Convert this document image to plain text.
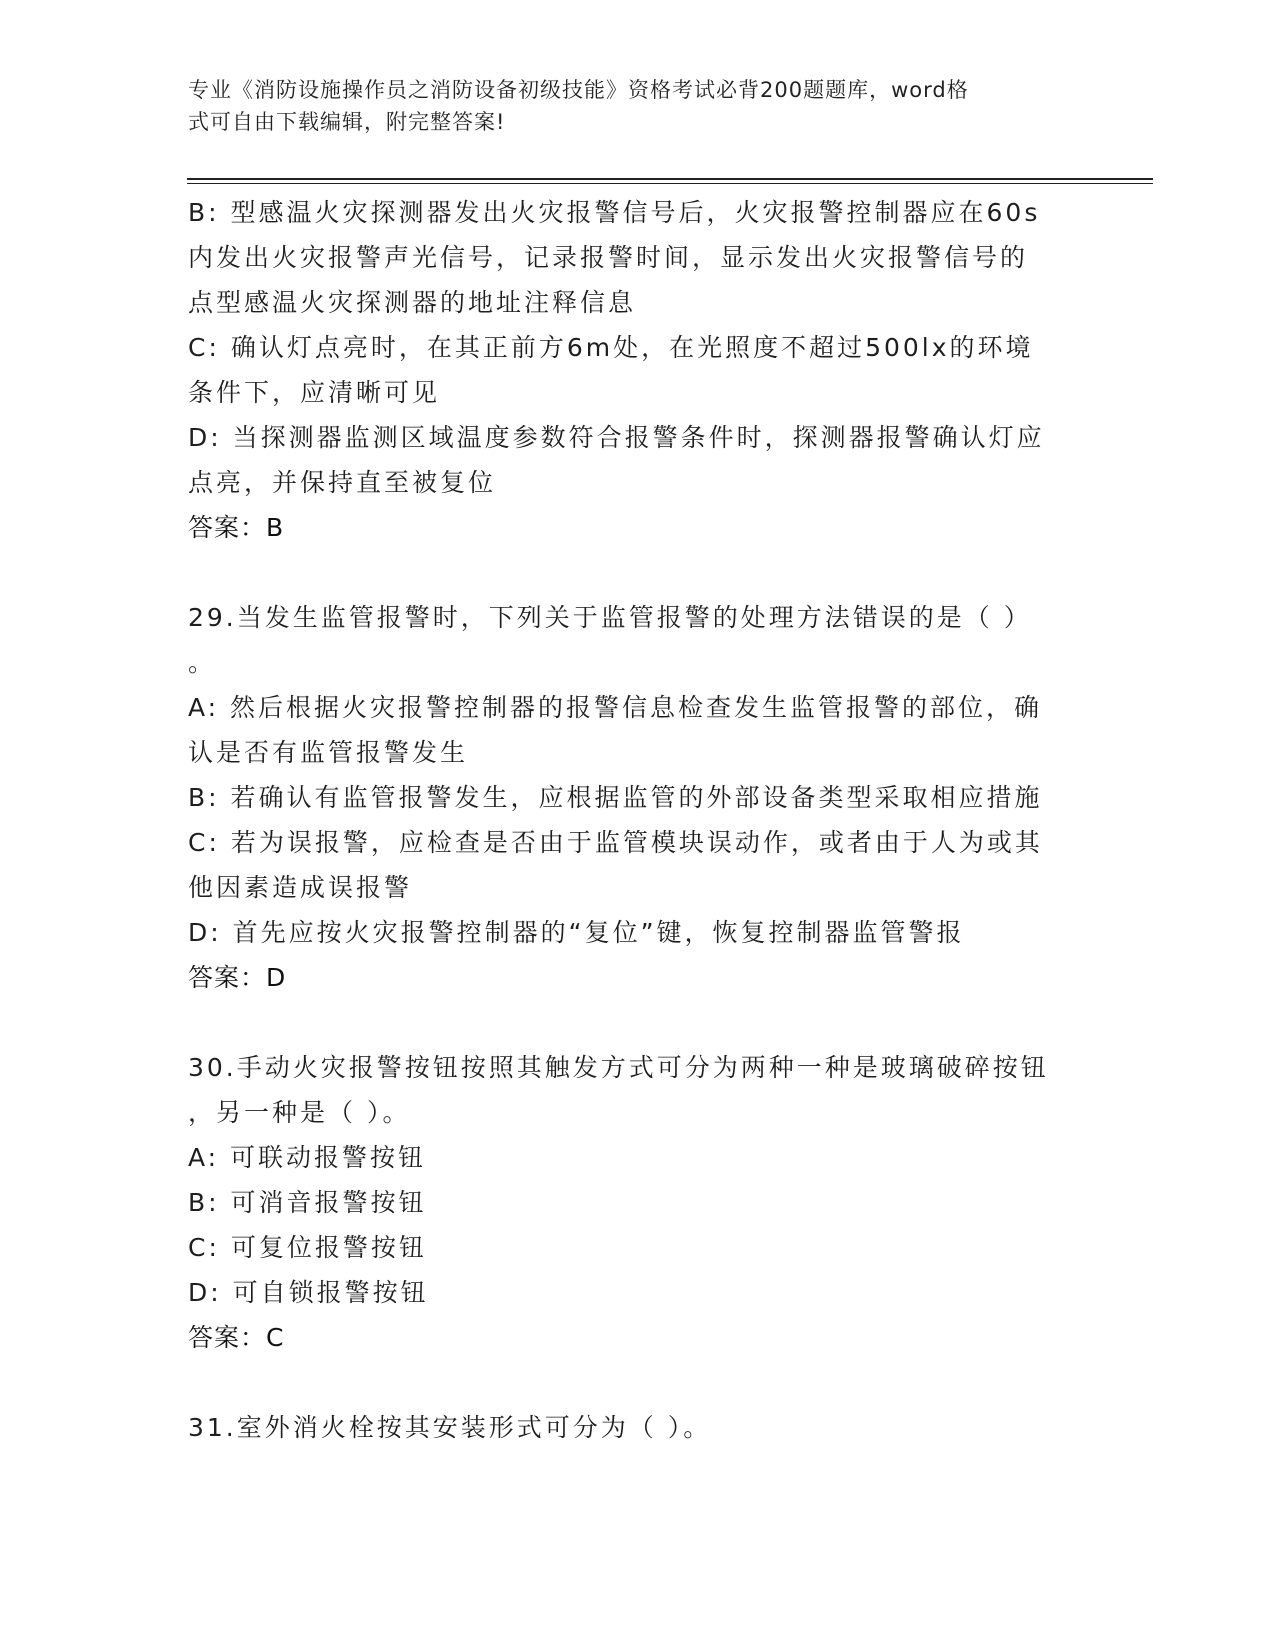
专业《消防设施操作员之消防设备初级技能》资格考试必背200题题库，word格
式可自由下载编辑，附完整答案!
B: 型感温火灾探测器发出火灾报警信号后，火灾报警控制器应在60s
内发出火灾报警声光信号，记录报警时间，显示发出火灾报警信号的
点型感温火灾探测器的地址注释信息
C: 确认灯点亮时，在其正前方6m处，在光照度不超过500lx的环境
条件下，应清晰可见
D: 当探测器监测区域温度参数符合报警条件时，探测器报警确认灯应
点亮，并保持直至被复位
答案：B
29.当发生监管报警时，下列关于监管报警的处理方法错误的是（ ）
。
A: 然后根据火灾报警控制器的报警信息检查发生监管报警的部位，确
认是否有监管报警发生
B: 若确认有监管报警发生，应根据监管的外部设备类型采取相应措施
C: 若为误报警，应检查是否由于监管模块误动作，或者由于人为或其
他因素造成误报警
D: 首先应按火灾报警控制器的“复位”键，恢复控制器监管警报
答案：D
30.手动火灾报警按钮按照其触发方式可分为两种一种是玻璃破碎按钮
，另一种是（ ）。
A: 可联动报警按钮
B: 可消音报警按钮
C: 可复位报警按钮
D: 可自锁报警按钮
答案：C
31.室外消火栓按其安装形式可分为（ ）。
